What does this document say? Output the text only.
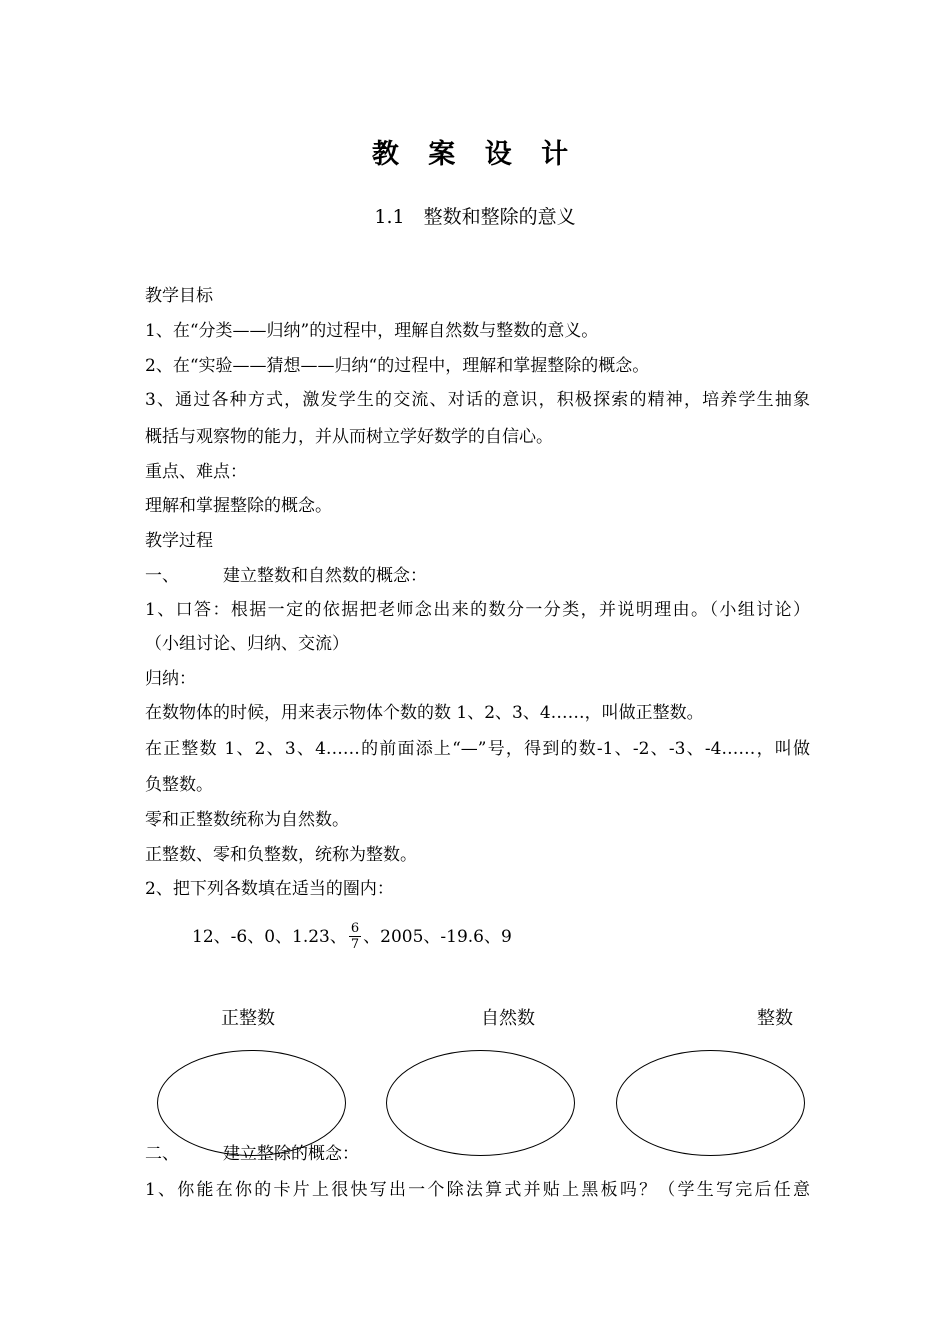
教 案 设 计
1.1　整数和整除的意义
教学目标
1、在“分类——归纳”的过程中，理解自然数与整数的意义。
2、在“实验——猜想——归纳“的过程中，理解和掌握整除的概念。
3、通过各种方式，激发学生的交流、对话的意识，积极探索的精神，培养学生抽象
概括与观察物的能力，并从而树立学好数学的自信心。
重点、难点：
理解和掌握整除的概念。
教学过程
一、	建立整数和自然数的概念：
1、口答：根据一定的依据把老师念出来的数分一分类，并说明理由。（小组讨论）
（小组讨论、归纳、交流）
归纳：
在数物体的时候，用来表示物体个数的数 1、2、3、4……，叫做正整数。
在正整数 1、2、3、4……的前面添上“—”号，得到的数-1、-2、-3、-4……，叫做
负整数。
零和正整数统称为自然数。
正整数、零和负整数，统称为整数。
2、把下列各数填在适当的圈内：
12、-6、0、1.23、 $\frac{6}{7}$ 、2005、-19.6、9
正整数	自然数	整数
二、	建立整除的概念：
1、你能在你的卡片上很快写出一个除法算式并贴上黑板吗？（学生写完后任意
